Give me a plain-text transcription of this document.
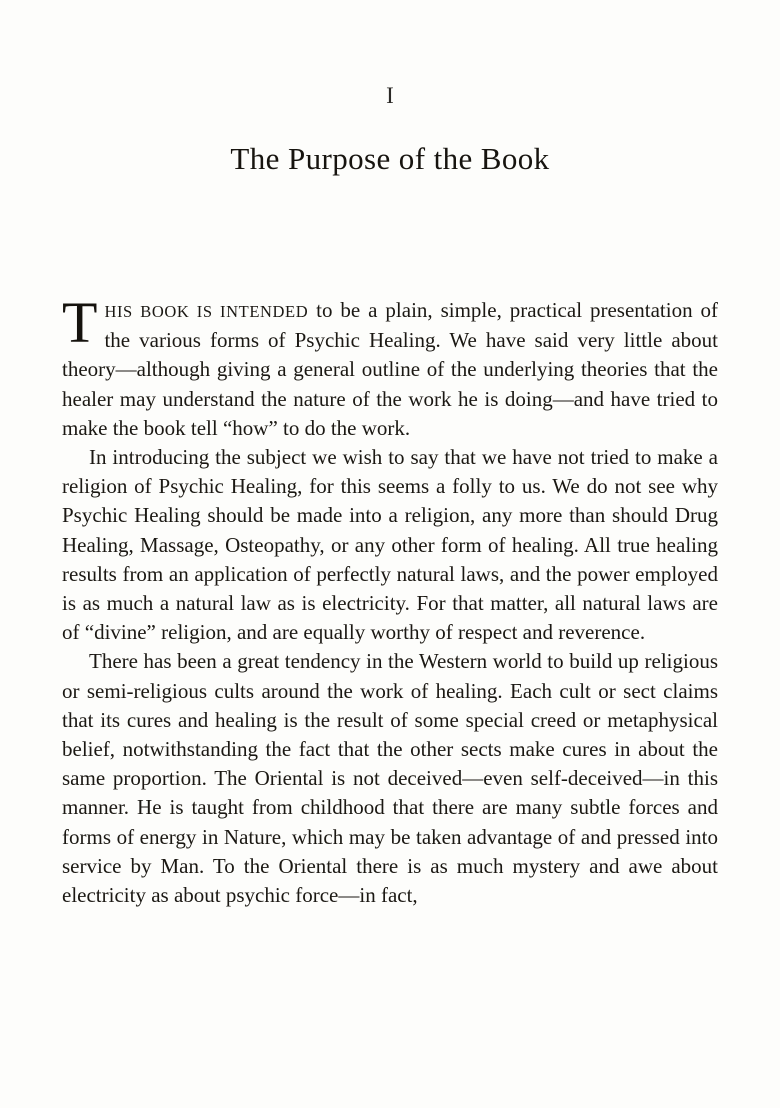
I
The Purpose of the Book

THIS BOOK IS INTENDED to be a plain, simple, practical presentation of the various forms of Psychic Healing. We have said very little about theory—although giving a general outline of the underlying theories that the healer may understand the nature of the work he is doing—and have tried to make the book tell “how” to do the work.

In introducing the subject we wish to say that we have not tried to make a religion of Psychic Healing, for this seems a folly to us. We do not see why Psychic Healing should be made into a religion, any more than should Drug Healing, Massage, Osteopathy, or any other form of healing. All true healing results from an application of perfectly natural laws, and the power employed is as much a natural law as is electricity. For that matter, all natural laws are of “divine” religion, and are equally worthy of respect and reverence.

There has been a great tendency in the Western world to build up religious or semi-religious cults around the work of healing. Each cult or sect claims that its cures and healing is the result of some special creed or metaphysical belief, notwithstanding the fact that the other sects make cures in about the same proportion. The Oriental is not deceived—even self-deceived—in this manner. He is taught from childhood that there are many subtle forces and forms of energy in Nature, which may be taken advantage of and pressed into service by Man. To the Oriental there is as much mystery and awe about electricity as about psychic force—in fact,
